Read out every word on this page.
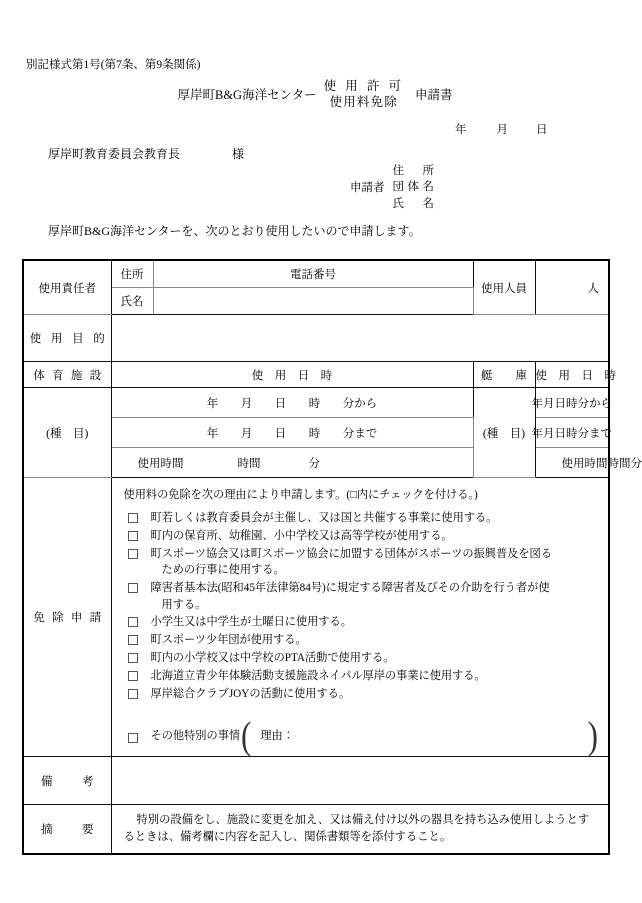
別記様式第1号(第7条、第9条関係)
厚岸町B&G海洋センター
使 用 許 可
使用料免除	申請書
年	月 日
厚岸町教育委員会教育長	様
申請者
住　所
団体名
氏　名
厚岸町B&G海洋センターを、次のとおり使用したいので申請します。
使用責任者	住所	電話番号	使用人員	人

	氏名			

使 用 目 的				

体 育 施 設	使　用　日　時		艇　　庫	使　用　日　時

(種　目)	年 月 日 時 分から		(種　目)	年 月 日 時 分から

	年 月 日 時 分まで			年 月 日 時 分まで

	使用時間 時間 分			使用時間 時間 分

免 除 申 請

使用料の免除を次の理由により申請します。(□内にチェックを付ける。)
町若しくは教育委員会が主催し、又は国と共催する事業に使用する。
町内の保育所、幼稚園、小中学校又は高等学校が使用する。
町スポーツ協会又は町スポーツ協会に加盟する団体がスポーツの振興普及を図る
ための行事に使用する。
障害者基本法(昭和45年法律第84号)に規定する障害者及びその介助を行う者が使
用する。
小学生又は中学生が土曜日に使用する。
町スポーツ少年団が使用する。
町内の小学校又は中学校のPTA活動で使用する。
北海道立青少年体験活動支援施設ネイパル厚岸の事業に使用する。
厚岸総合クラブJOYの活動に使用する。
その他特別の事情 ( 理由：	)

備　　考				

摘　　要	特別の設備をし、施設に変更を加え、又は備え付け以外の器具を持ち込み使用しようとするときは、備考欄に内容を記入し、関係書類等を添付すること。			
